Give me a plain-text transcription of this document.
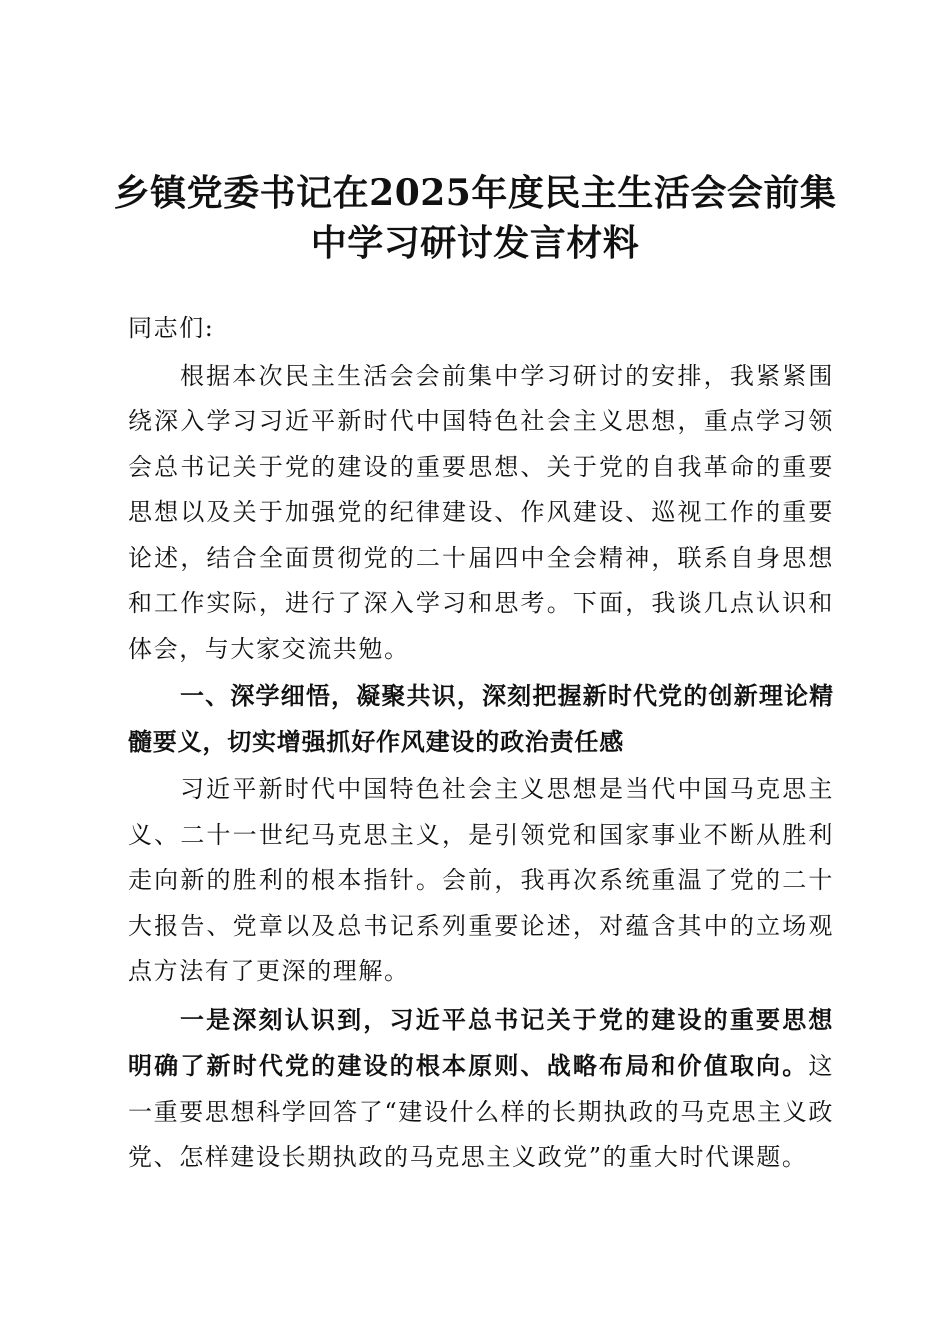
乡镇党委书记在2025年度民主生活会会前集
中学习研讨发言材料

同志们:

根据本次民主生活会会前集中学习研讨的安排，我紧紧围绕深入学习习近平新时代中国特色社会主义思想，重点学习领会总书记关于党的建设的重要思想、关于党的自我革命的重要思想以及关于加强党的纪律建设、作风建设、巡视工作的重要论述，结合全面贯彻党的二十届四中全会精神，联系自身思想和工作实际，进行了深入学习和思考。下面，我谈几点认识和体会，与大家交流共勉。

一、深学细悟，凝聚共识，深刻把握新时代党的创新理论精髓要义，切实增强抓好作风建设的政治责任感

习近平新时代中国特色社会主义思想是当代中国马克思主义、二十一世纪马克思主义，是引领党和国家事业不断从胜利走向新的胜利的根本指针。会前，我再次系统重温了党的二十大报告、党章以及总书记系列重要论述，对蕴含其中的立场观点方法有了更深的理解。

一是深刻认识到，习近平总书记关于党的建设的重要思想明确了新时代党的建设的根本原则、战略布局和价值取向。这一重要思想科学回答了“建设什么样的长期执政的马克思主义政党、怎样建设长期执政的马克思主义政党”的重大时代课题。
